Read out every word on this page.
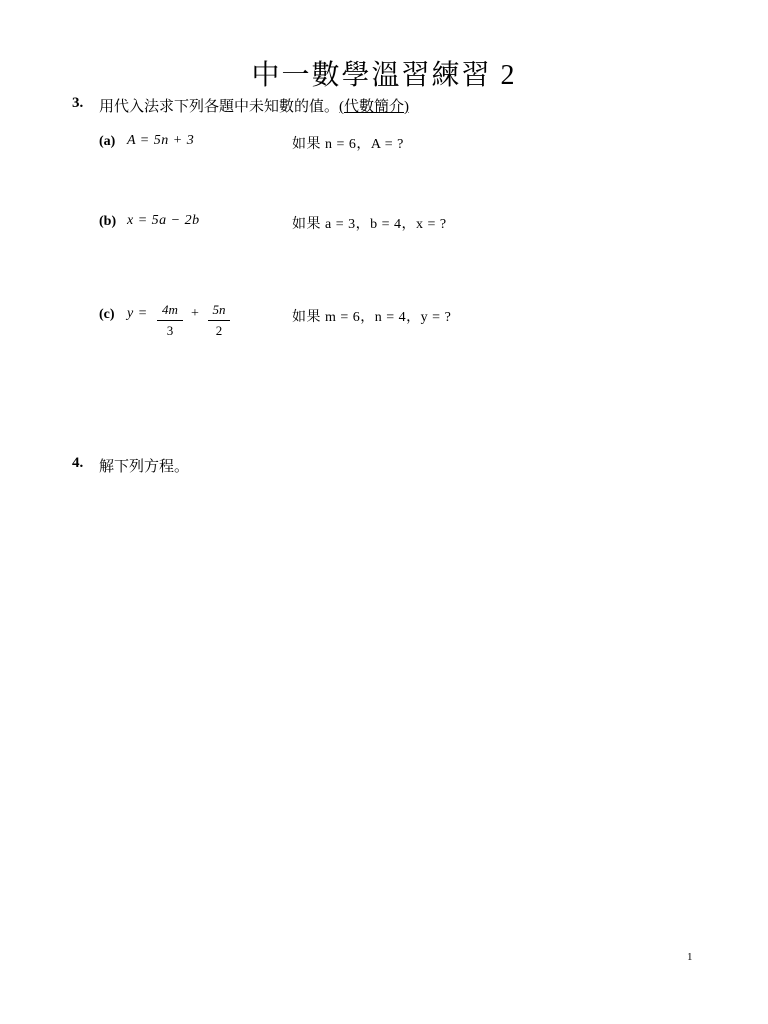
中一數學溫習練習 2
3. 用代入法求下列各題中未知數的值。(代數簡介)
(a) A = 5n + 3	如果 n = 6，A = ?
(b) x = 5a − 2b	如果 a = 3，b = 4，x = ?
(c) $y = \frac{4m}{3} + \frac{5n}{2}$	如果 m = 6，n = 4，y = ?
4. 解下列方程。
1
